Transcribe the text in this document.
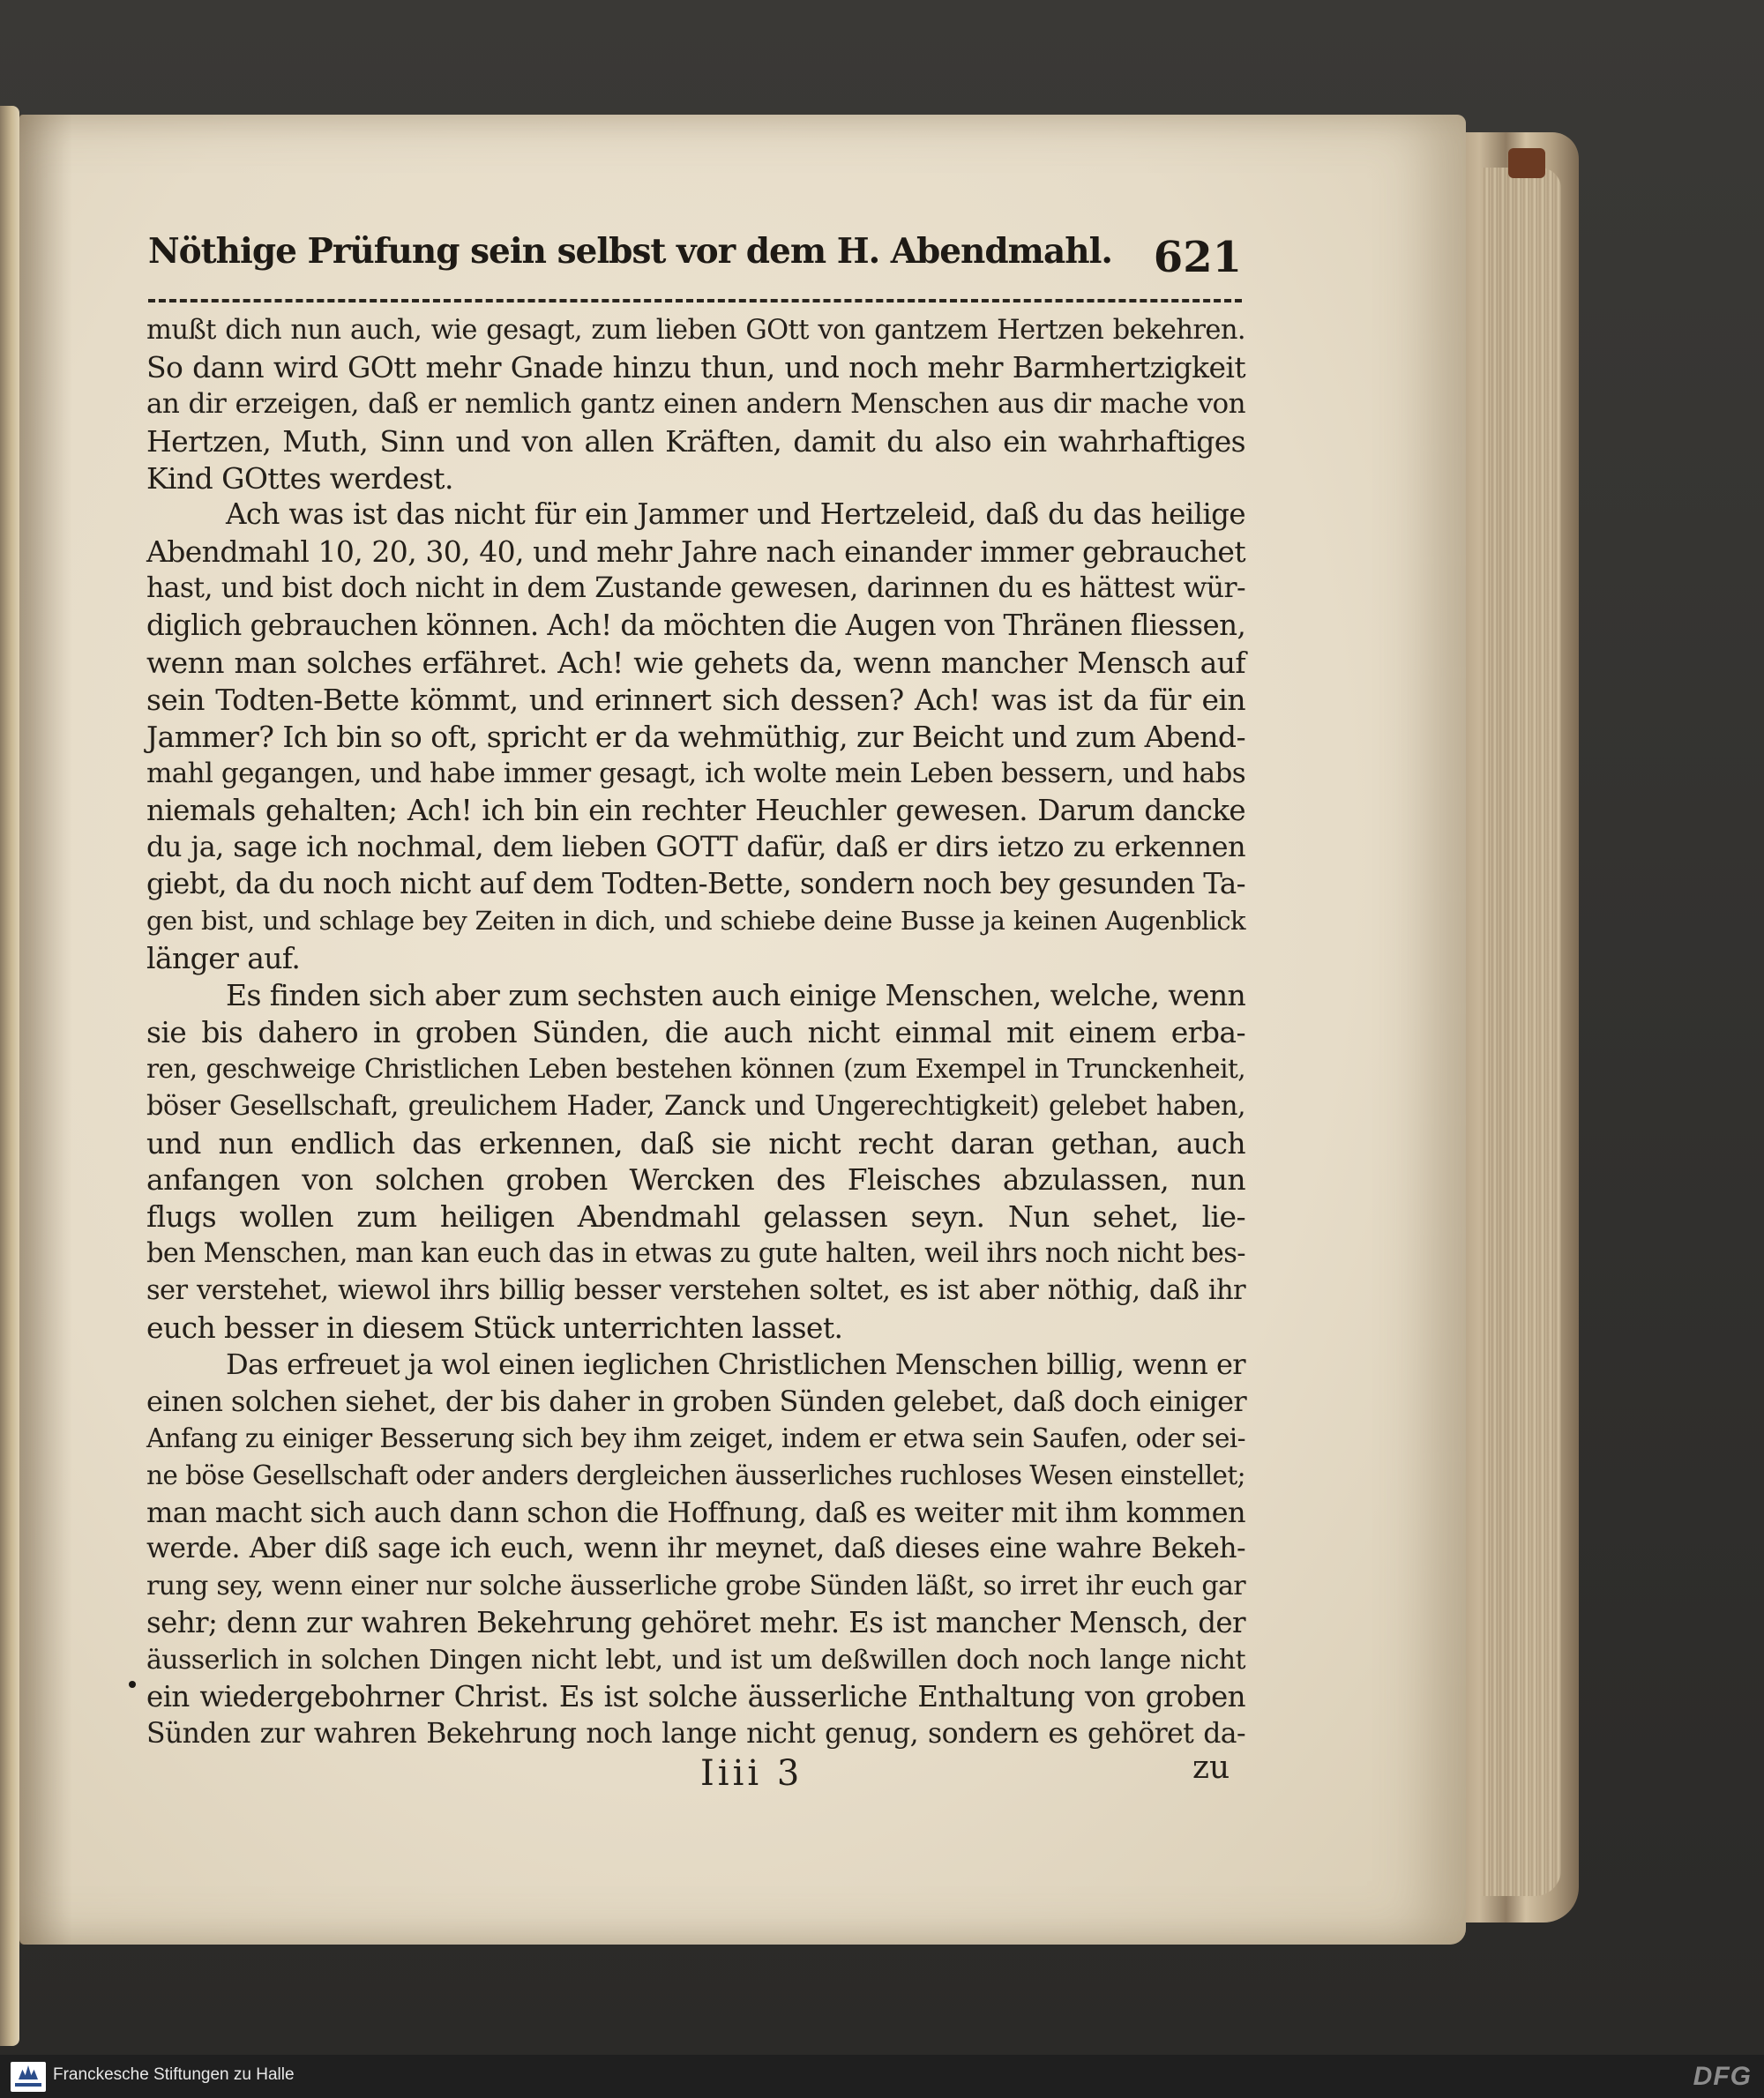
Nöthige Prüfung sein selbst vor dem H. Abendmahl. 621
mußt dich nun auch, wie gesagt, zum lieben GOtt von gantzem Hertzen bekehren.
So dann wird GOtt mehr Gnade hinzu thun, und noch mehr Barmhertzigkeit
an dir erzeigen, daß er nemlich gantz einen andern Menschen aus dir mache von
Hertzen, Muth, Sinn und von allen Kräften, damit du also ein wahrhaftiges
Kind GOttes werdest.
Ach was ist das nicht für ein Jammer und Hertzeleid, daß du das heilige
Abendmahl 10, 20, 30, 40, und mehr Jahre nach einander immer gebrauchet
hast, und bist doch nicht in dem Zustande gewesen, darinnen du es hättest wür-
diglich gebrauchen können. Ach! da möchten die Augen von Thränen fliessen,
wenn man solches erfähret. Ach! wie gehets da, wenn mancher Mensch auf
sein Todten-Bette kömmt, und erinnert sich dessen? Ach! was ist da für ein
Jammer? Ich bin so oft, spricht er da wehmüthig, zur Beicht und zum Abend-
mahl gegangen, und habe immer gesagt, ich wolte mein Leben bessern, und habs
niemals gehalten; Ach! ich bin ein rechter Heuchler gewesen. Darum dancke
du ja, sage ich nochmal, dem lieben GOTT dafür, daß er dirs ietzo zu erkennen
giebt, da du noch nicht auf dem Todten-Bette, sondern noch bey gesunden Ta-
gen bist, und schlage bey Zeiten in dich, und schiebe deine Busse ja keinen Augenblick
länger auf.
Es finden sich aber zum sechsten auch einige Menschen, welche, wenn
sie bis dahero in groben Sünden, die auch nicht einmal mit einem erba-
ren, geschweige Christlichen Leben bestehen können (zum Exempel in Trunckenheit,
böser Gesellschaft, greulichem Hader, Zanck und Ungerechtigkeit) gelebet haben,
und nun endlich das erkennen, daß sie nicht recht daran gethan, auch
anfangen von solchen groben Wercken des Fleisches abzulassen, nun
flugs wollen zum heiligen Abendmahl gelassen seyn. Nun sehet, lie-
ben Menschen, man kan euch das in etwas zu gute halten, weil ihrs noch nicht bes-
ser verstehet, wiewol ihrs billig besser verstehen soltet, es ist aber nöthig, daß ihr
euch besser in diesem Stück unterrichten lasset.
Das erfreuet ja wol einen ieglichen Christlichen Menschen billig, wenn er
einen solchen siehet, der bis daher in groben Sünden gelebet, daß doch einiger
Anfang zu einiger Besserung sich bey ihm zeiget, indem er etwa sein Saufen, oder sei-
ne böse Gesellschaft oder anders dergleichen äusserliches ruchloses Wesen einstellet;
man macht sich auch dann schon die Hoffnung, daß es weiter mit ihm kommen
werde. Aber diß sage ich euch, wenn ihr meynet, daß dieses eine wahre Bekeh-
rung sey, wenn einer nur solche äusserliche grobe Sünden läßt, so irret ihr euch gar
sehr; denn zur wahren Bekehrung gehöret mehr. Es ist mancher Mensch, der
äusserlich in solchen Dingen nicht lebt, und ist um deßwillen doch noch lange nicht
ein wiedergebohrner Christ. Es ist solche äusserliche Enthaltung von groben
Sünden zur wahren Bekehrung noch lange nicht genug, sondern es gehöret da-
Iiii 3	zu
Franckesche Stiftungen zu Halle	DFG
